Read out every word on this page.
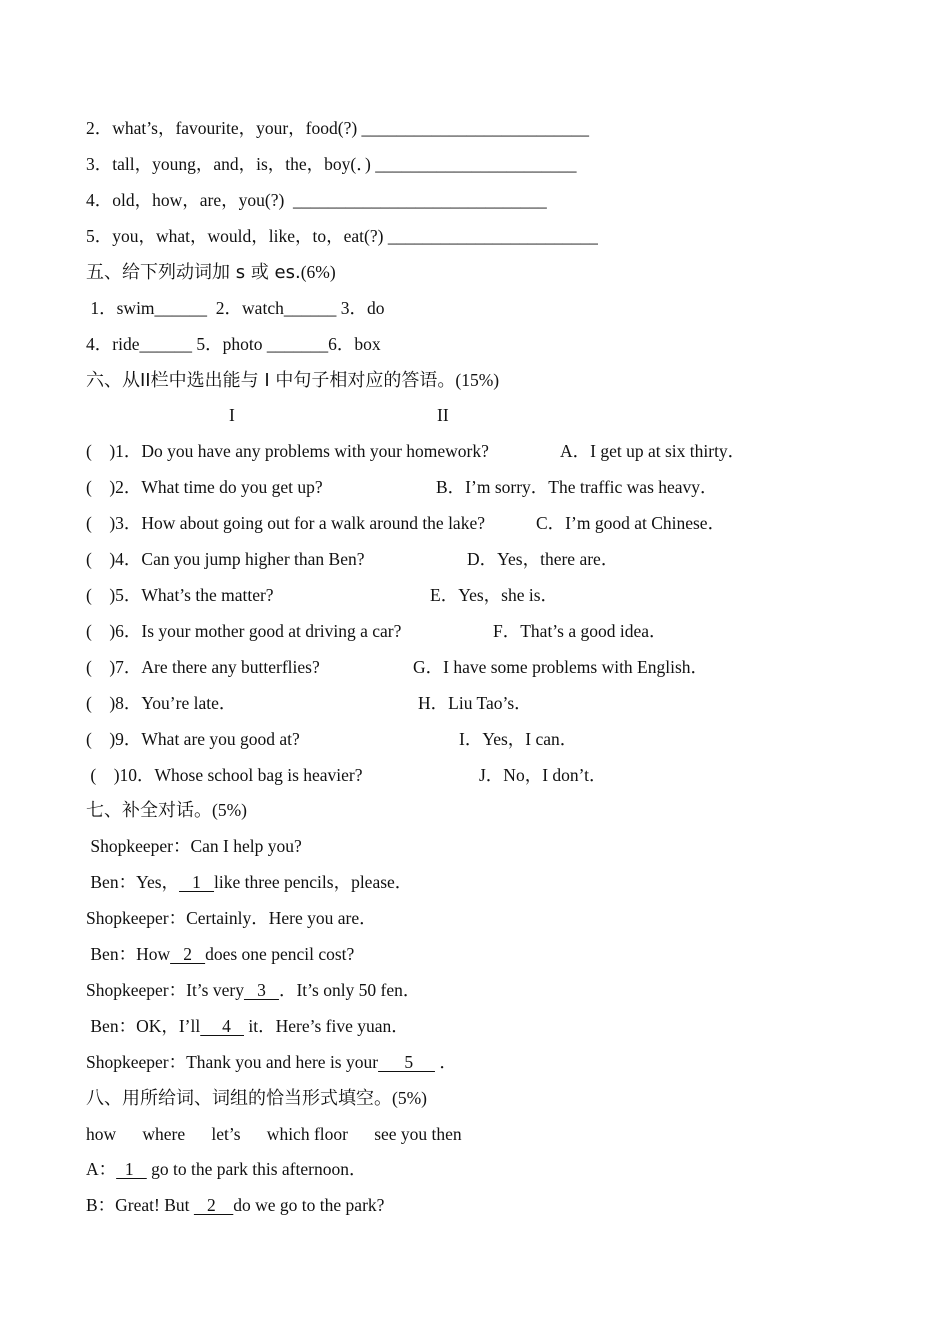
2．what’s，favourite，your，food(?) __________________________
3．tall，young，and，is，the，boy(．) _______________________
4．old，how，are，you(?)  _____________________________
5．you，what，would，like，to，eat(?) ________________________
五、给下列动词加 s 或 es.(6%)
1．swim______  2．watch______ 3．do
4．ride______ 5．photo _______6．box
六、从II栏中选出能与 I 中句子相对应的答语。(15%)
I	II
(    )1．Do you have any problems with your homework?	A．I get up at six thirty．
(    )2．What time do you get up?	B．I’m sorry．The traffic was heavy．
(    )3．How about going out for a walk around the lake?	C．I’m good at Chinese．
(    )4．Can you jump higher than Ben?	D．Yes，there are．
(    )5．What’s the matter?	E．Yes，she is．
(    )6．Is your mother good at driving a car?	F．That’s a good idea．
(    )7．Are there any butterflies?	G．I have some problems with English．
(    )8．You’re late．	H．Liu Tao’s．
(    )9．What are you good at?	I．Yes，I can．
(    )10．Whose school bag is heavier?	J．No，I don’t．
七、补全对话。(5%)
Shopkeeper：Can I help you?
Ben：Yes，   1   like three pencils，please．
Shopkeeper：Certainly．Here you are．
Ben：How   2   does one pencil cost?
Shopkeeper：It’s very   3   ．It’s only 50 fen．
Ben：OK，I’ll     4    it．Here’s five yuan．
Shopkeeper：Thank you and here is your      5      ．
八、用所给词、词组的恰当形式填空。(5%)
how      where      let’s      which floor      see you then
A：  1    go to the park this afternoon．
B：Great! But    2    do we go to the park?
